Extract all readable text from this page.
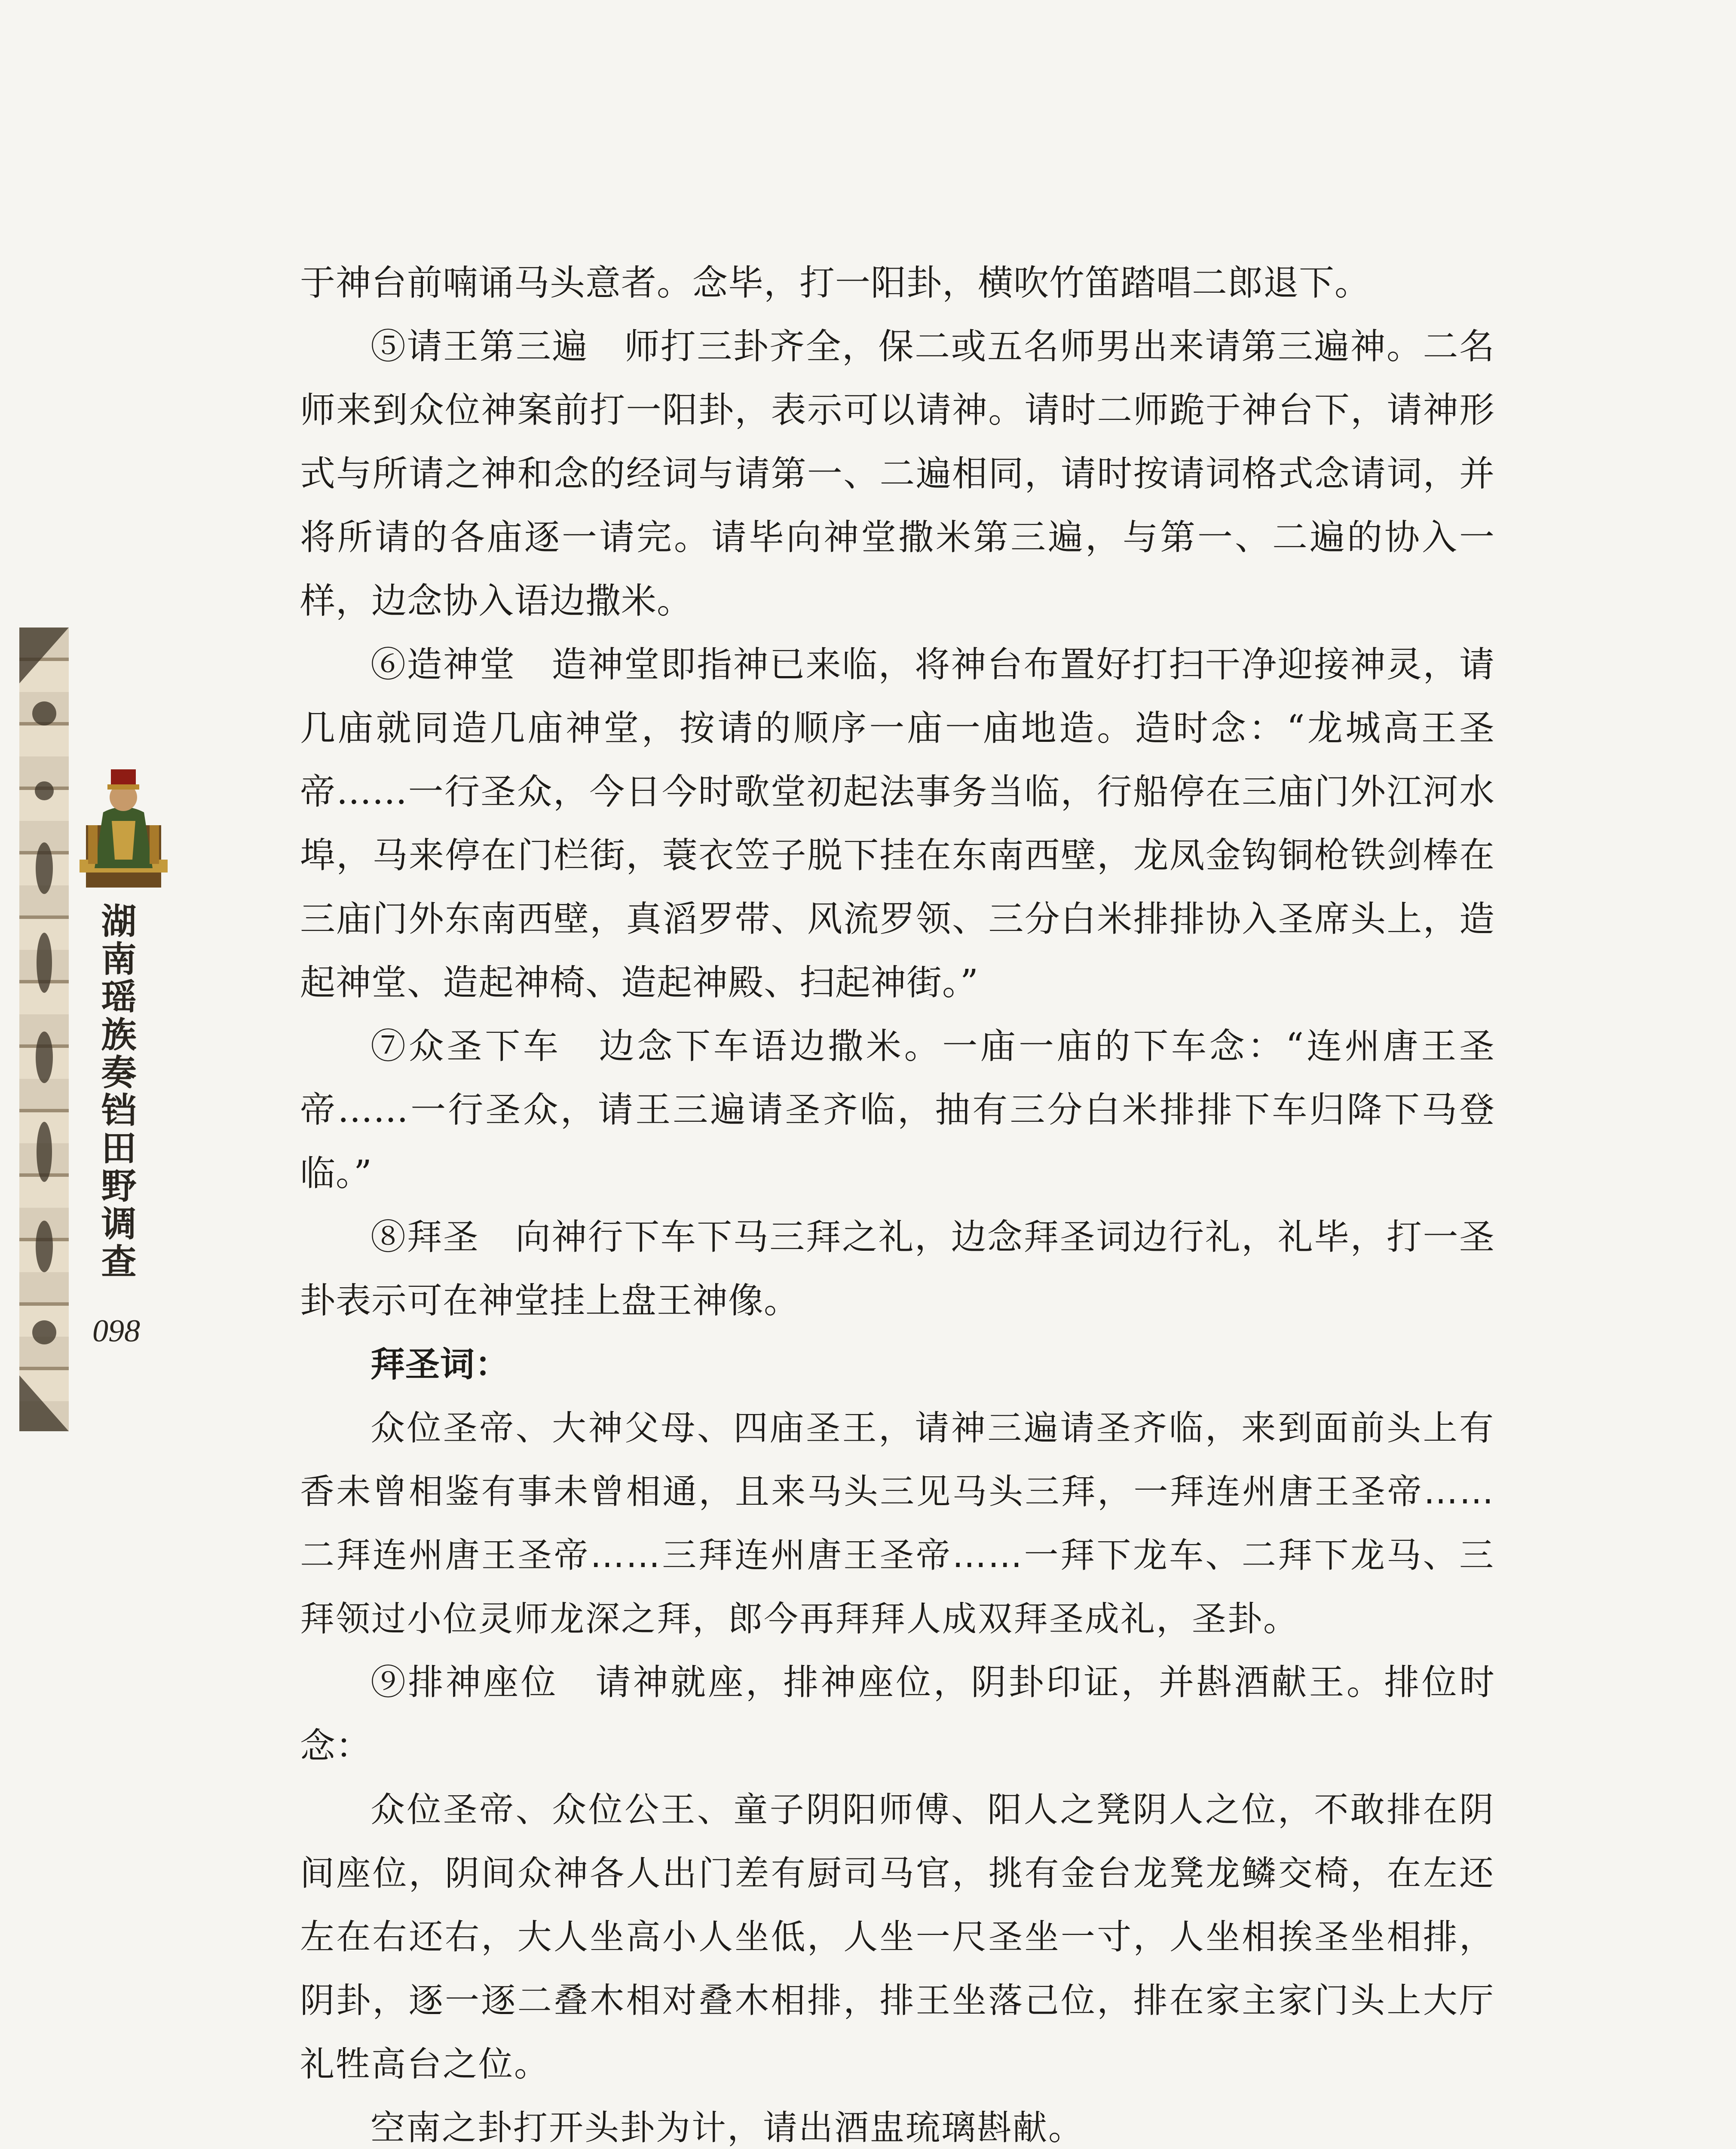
湖南瑶族奏铛田野调查
098

于神台前喃诵马头意者。念毕，打一阳卦，横吹竹笛踏唱二郎退下。

⑤请王第三遍 师打三卦齐全，保二或五名师男出来请第三遍神。二名师来到众位神案前打一阳卦，表示可以请神。请时二师跪于神台下，请神形式与所请之神和念的经词与请第一、二遍相同，请时按请词格式念请词，并将所请的各庙逐一请完。请毕向神堂撒米第三遍，与第一、二遍的协入一样，边念协入语边撒米。

⑥造神堂 造神堂即指神已来临，将神台布置好打扫干净迎接神灵，请几庙就同造几庙神堂，按请的顺序一庙一庙地造。造时念：“龙城高王圣帝……一行圣众，今日今时歌堂初起法事务当临，行船停在三庙门外江河水埠，马来停在门栏街，蓑衣笠子脱下挂在东南西壁，龙凤金钩铜枪铁剑棒在三庙门外东南西壁，真滔罗带、风流罗领、三分白米排排协入圣席头上，造起神堂、造起神椅、造起神殿、扫起神街。”

⑦众圣下车 边念下车语边撒米。一庙一庙的下车念：“连州唐王圣帝……一行圣众，请王三遍请圣齐临，抽有三分白米排排下车归降下马登临。”

⑧拜圣 向神行下车下马三拜之礼，边念拜圣词边行礼，礼毕，打一圣卦表示可在神堂挂上盘王神像。

拜圣词：

众位圣帝、大神父母、四庙圣王，请神三遍请圣齐临，来到面前头上有香未曾相鉴有事未曾相通，且来马头三见马头三拜，一拜连州唐王圣帝……二拜连州唐王圣帝……三拜连州唐王圣帝……一拜下龙车、二拜下龙马、三拜领过小位灵师龙深之拜，郎今再拜拜人成双拜圣成礼，圣卦。

⑨排神座位 请神就座，排神座位，阴卦印证，并斟酒献王。排位时念：

众位圣帝、众位公王、童子阴阳师傅、阳人之凳阴人之位，不敢排在阴间座位，阴间众神各人出门差有厨司马官，挑有金台龙凳龙鳞交椅，在左还左在右还右，大人坐高小人坐低，人坐一尺圣坐一寸，人坐相挨圣坐相排，阴卦，逐一逐二叠木相对叠木相排，排王坐落己位，排在家主家门头上大厅礼牲高台之位。

空南之卦打开头卦为计，请出酒盅琉璃斟献。
